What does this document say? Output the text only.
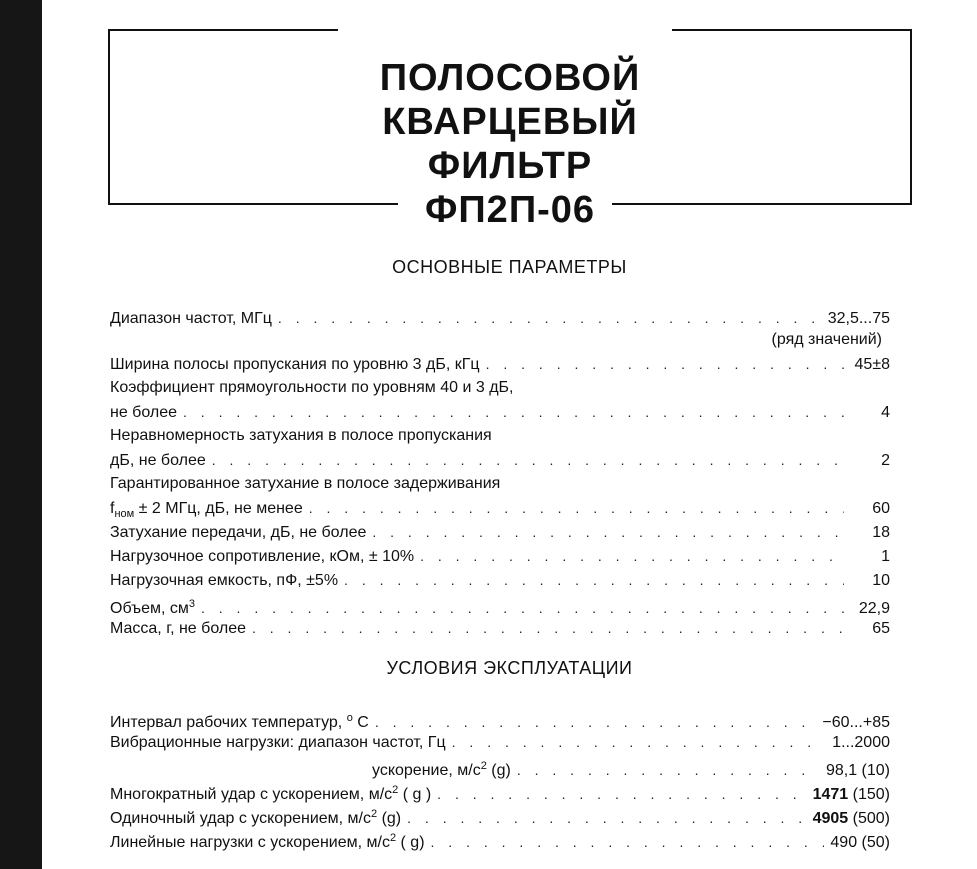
ПОЛОСОВОЙ
КВАРЦЕВЫЙ
ФИЛЬТР
ФП2П-06
ОСНОВНЫЕ ПАРАМЕТРЫ
Диапазон частот, МГц . . .	32,5...75
(ряд значений)
Ширина полосы пропускания по уровню 3 дБ, кГц . . .	45±8
Коэффициент прямоугольности по уровням 40 и 3 дБ,
не более . . .	4
Неравномерность затухания в полосе пропускания
дБ, не более . . .	2
Гарантированное затухание в полосе задерживания
$f_{ном} \pm 2$ МГц, дБ, не менее . . .	60
Затухание передачи, дБ, не более . . .	18
Нагрузочное сопротивление, кОм, ± 10% . . .	1
Нагрузочная емкость, пФ, ±5% . . .	10
Объем, $см^3$ . . .	22,9
Масса, г, не более . . .	65
УСЛОВИЯ ЭКСПЛУАТАЦИИ
Интервал рабочих температур, $^о$ С . . .	−60...+85
Вибрационные нагрузки: диапазон частот, Гц . . .	1...2000
ускорение, $м/с^2$ (g) . . .	98,1 (10)
Многократный удар с ускорением, $м/с^2$ ( g ) . . .	1471 (150)
Одиночный удар с ускорением, $м/с^2$ (g) . . .	4905 (500)
Линейные нагрузки с ускорением, $м/с^2$ ( g) . . .	490 (50)
